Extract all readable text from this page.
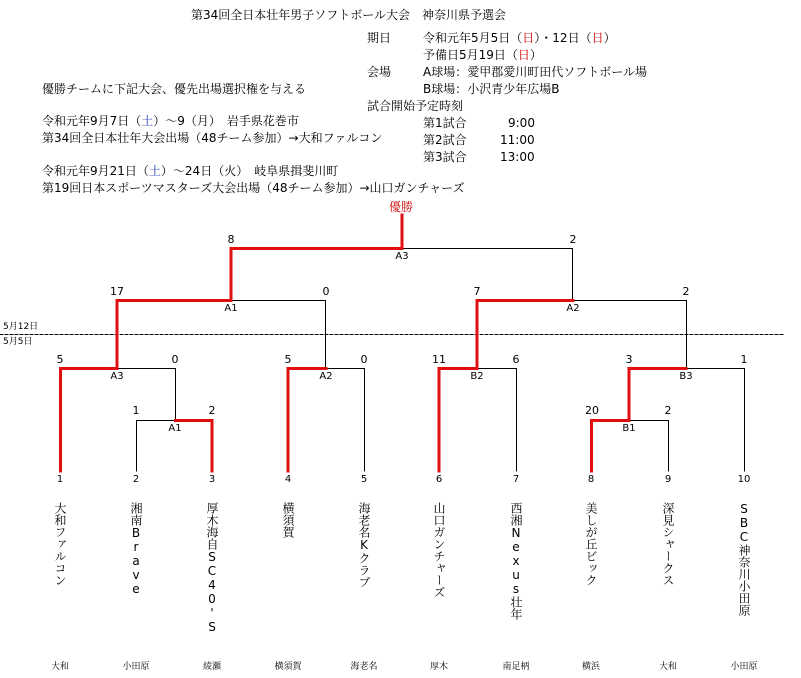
第34回全日本壮年男子ソフトボール大会　神奈川県予選会
期日	令和元年5月5日（日）・12日（日）
予備日5月19日（日）
会場	A球場：愛甲郡愛川町田代ソフトボール場
B球場：小沢青少年広場B
試合開始予定時刻
第1試合	9:00
第2試合	11:00
第3試合	13:00
優勝チームに下記大会、優先出場選択権を与える
令和元年9月7日（土）～9（月）　岩手県花巻市
第34回全日本壮年大会出場（48チーム参加）→大和ファルコン
令和元年9月21日（土）～24日（火）　岐阜県揖斐川町
第19回日本スポーツマスターズ大会出場（48チーム参加）→山口ガンチャーズ
優勝
5月12日
5月5日
8	2
A3
17	0
A1
7	2
A2
5	0
A3
5	0
A2
11	6
B2
3	1
B3
1	2
A1
20	2
B1
1	2	3	4	5	6	7	8	9	10
大和ファルコン	湘南Brave	厚木海自SC40'S	横須賀	海老名Kクラブ	山口ガンチャーズ	西湘Nexus壮年	美しが丘ビック	深見シャークス	SBC神奈川小田原
大和	小田原	綾瀬	横須賀	海老名	厚木	南足柄	横浜	大和	小田原
